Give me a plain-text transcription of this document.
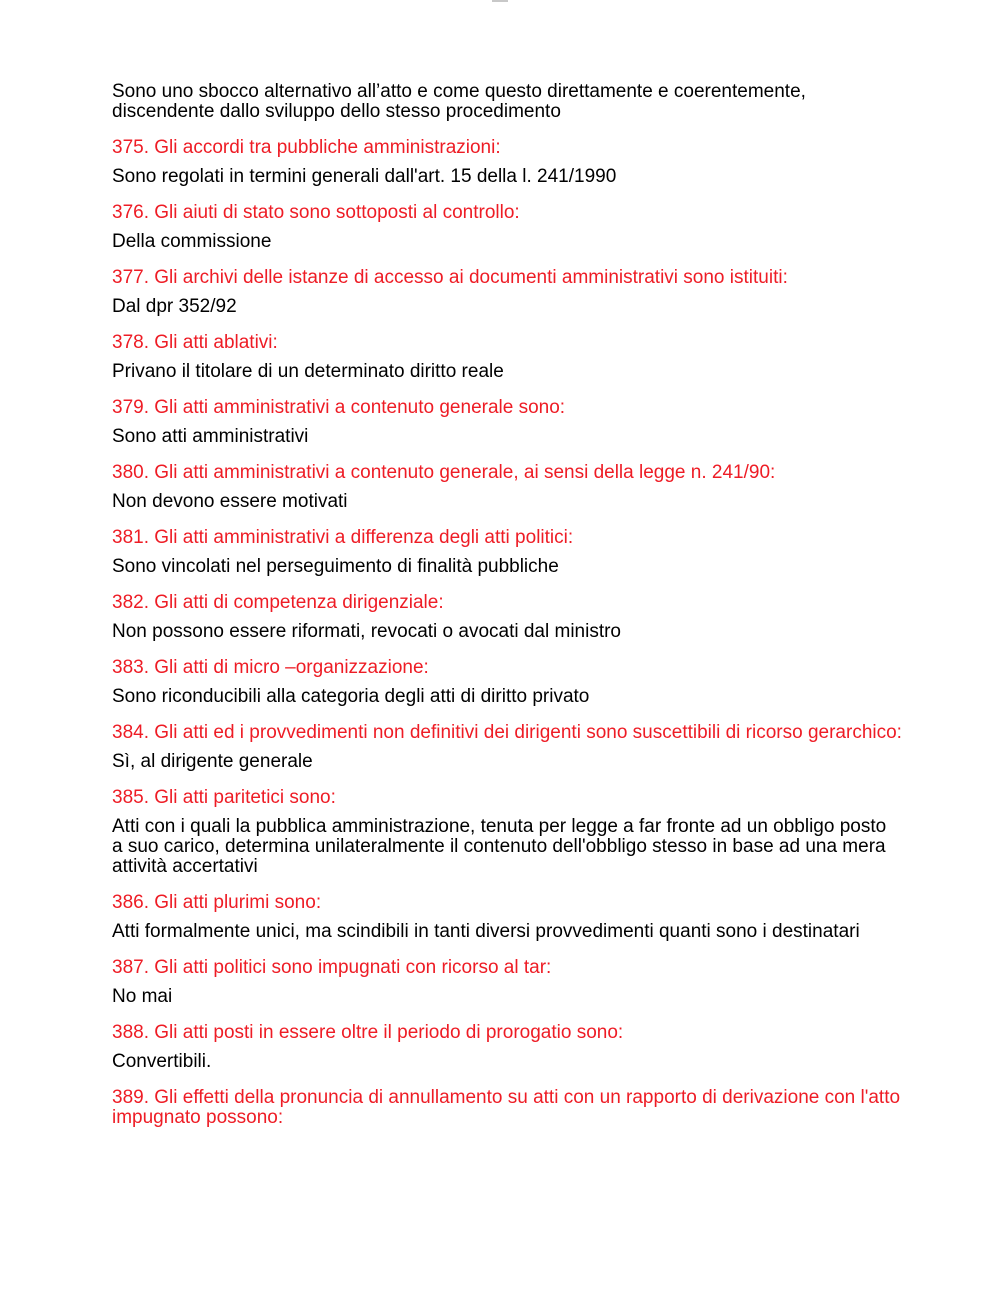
Sono uno sbocco alternativo all’atto e come questo direttamente e coerentemente, discendente dallo sviluppo dello stesso procedimento

375. Gli accordi tra pubbliche amministrazioni:

Sono regolati in termini generali dall'art. 15 della l. 241/1990

376. Gli aiuti di stato sono sottoposti al controllo:

Della commissione

377. Gli archivi delle istanze di accesso ai documenti amministrativi sono istituiti:

Dal dpr 352/92

378. Gli atti ablativi:

Privano il titolare di un determinato diritto reale

379. Gli atti amministrativi a contenuto generale sono:

Sono atti amministrativi

380. Gli atti amministrativi a contenuto generale, ai sensi della legge n. 241/90:

Non devono essere motivati

381. Gli atti amministrativi a differenza degli atti politici:

Sono vincolati nel perseguimento di finalità pubbliche

382. Gli atti di competenza dirigenziale:

Non possono essere riformati, revocati o avocati dal ministro

383. Gli atti di micro –organizzazione:

Sono riconducibili alla categoria degli atti di diritto privato

384. Gli atti ed i provvedimenti non definitivi dei dirigenti sono suscettibili di ricorso gerarchico:

Sì, al dirigente generale

385. Gli atti paritetici sono:

Atti con i quali la pubblica amministrazione, tenuta per legge a far fronte ad un obbligo posto a suo carico, determina unilateralmente il contenuto dell'obbligo stesso in base ad una mera attività accertativi

386. Gli atti plurimi sono:

Atti formalmente unici, ma scindibili in tanti diversi provvedimenti quanti sono i destinatari

387. Gli atti politici sono impugnati con ricorso al tar:

No mai

388. Gli atti posti in essere oltre il periodo di prorogatio sono:

Convertibili.

389. Gli effetti della pronuncia di annullamento su atti con un rapporto di derivazione con l'atto impugnato possono:
